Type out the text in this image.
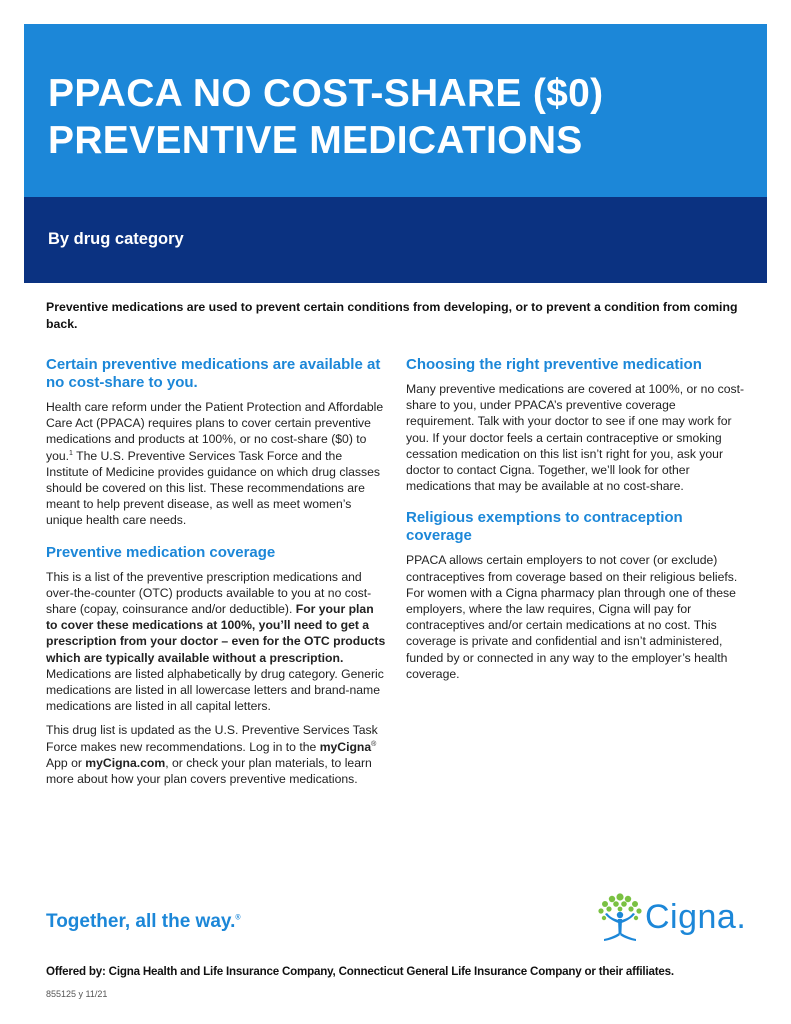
PPACA NO COST-SHARE ($0)
PREVENTIVE MEDICATIONS
By drug category

Preventive medications are used to prevent certain conditions from developing, or to prevent a condition from coming back.

Certain preventive medications are available at no cost-share to you.

Health care reform under the Patient Protection and Affordable Care Act (PPACA) requires plans to cover certain preventive medications and products at 100%, or no cost-share ($0) to you.$^1$ The U.S. Preventive Services Task Force and the Institute of Medicine provides guidance on which drug classes should be covered on this list. These recommendations are meant to help prevent disease, as well as meet women’s unique health care needs.

Preventive medication coverage

This is a list of the preventive prescription medications and over-the-counter (OTC) products available to you at no cost-share (copay, coinsurance and/or deductible). For your plan to cover these medications at 100%, you’ll need to get a prescription from your doctor – even for the OTC products which are typically available without a prescription. Medications are listed alphabetically by drug category. Generic medications are listed in all lowercase letters and brand-name medications are listed in all capital letters.

This drug list is updated as the U.S. Preventive Services Task Force makes new recommendations. Log in to the myCigna® App or myCigna.com, or check your plan materials, to learn more about how your plan covers preventive medications.

Choosing the right preventive medication

Many preventive medications are covered at 100%, or no cost-share to you, under PPACA’s preventive coverage requirement. Talk with your doctor to see if one may work for you. If your doctor feels a certain contraceptive or smoking cessation medication on this list isn’t right for you, ask your doctor to contact Cigna. Together, we’ll look for other medications that may be available at no cost-share.

Religious exemptions to contraception coverage

PPACA allows certain employers to not cover (or exclude) contraceptives from coverage based on their religious beliefs. For women with a Cigna pharmacy plan through one of these employers, where the law requires, Cigna will pay for contraceptives and/or certain medications at no cost. This coverage is private and confidential and isn’t administered, funded by or connected in any way to the employer’s health coverage.

Together, all the way.®	Cigna.

Offered by: Cigna Health and Life Insurance Company, Connecticut General Life Insurance Company or their affiliates.

855125 y 11/21
